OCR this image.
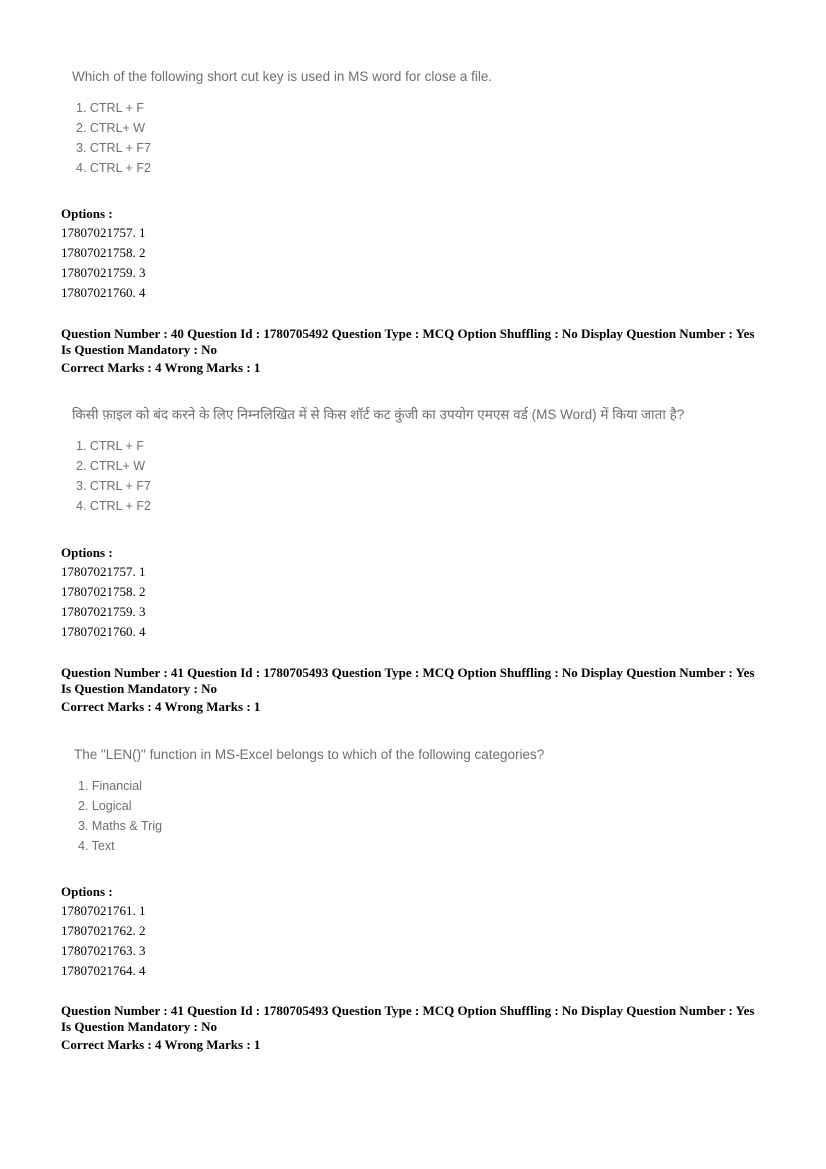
Which of the following short cut key is used in MS word for close a file.
1. CTRL + F
2. CTRL+ W
3. CTRL + F7
4. CTRL + F2
Options :
17807021757. 1
17807021758. 2
17807021759. 3
17807021760. 4
Question Number : 40 Question Id : 1780705492 Question Type : MCQ Option Shuffling : No Display Question Number : Yes
Is Question Mandatory : No
Correct Marks : 4 Wrong Marks : 1
किसी फ़ाइल को बंद करने के लिए निम्नलिखित में से किस शॉर्ट कट कुंजी का उपयोग एमएस वर्ड (MS Word) में किया जाता है?
1. CTRL + F
2. CTRL+ W
3. CTRL + F7
4. CTRL + F2
Options :
17807021757. 1
17807021758. 2
17807021759. 3
17807021760. 4
Question Number : 41 Question Id : 1780705493 Question Type : MCQ Option Shuffling : No Display Question Number : Yes
Is Question Mandatory : No
Correct Marks : 4 Wrong Marks : 1
The "LEN()" function in MS-Excel belongs to which of the following categories?
1. Financial
2. Logical
3. Maths & Trig
4. Text
Options :
17807021761. 1
17807021762. 2
17807021763. 3
17807021764. 4
Question Number : 41 Question Id : 1780705493 Question Type : MCQ Option Shuffling : No Display Question Number : Yes
Is Question Mandatory : No
Correct Marks : 4 Wrong Marks : 1
